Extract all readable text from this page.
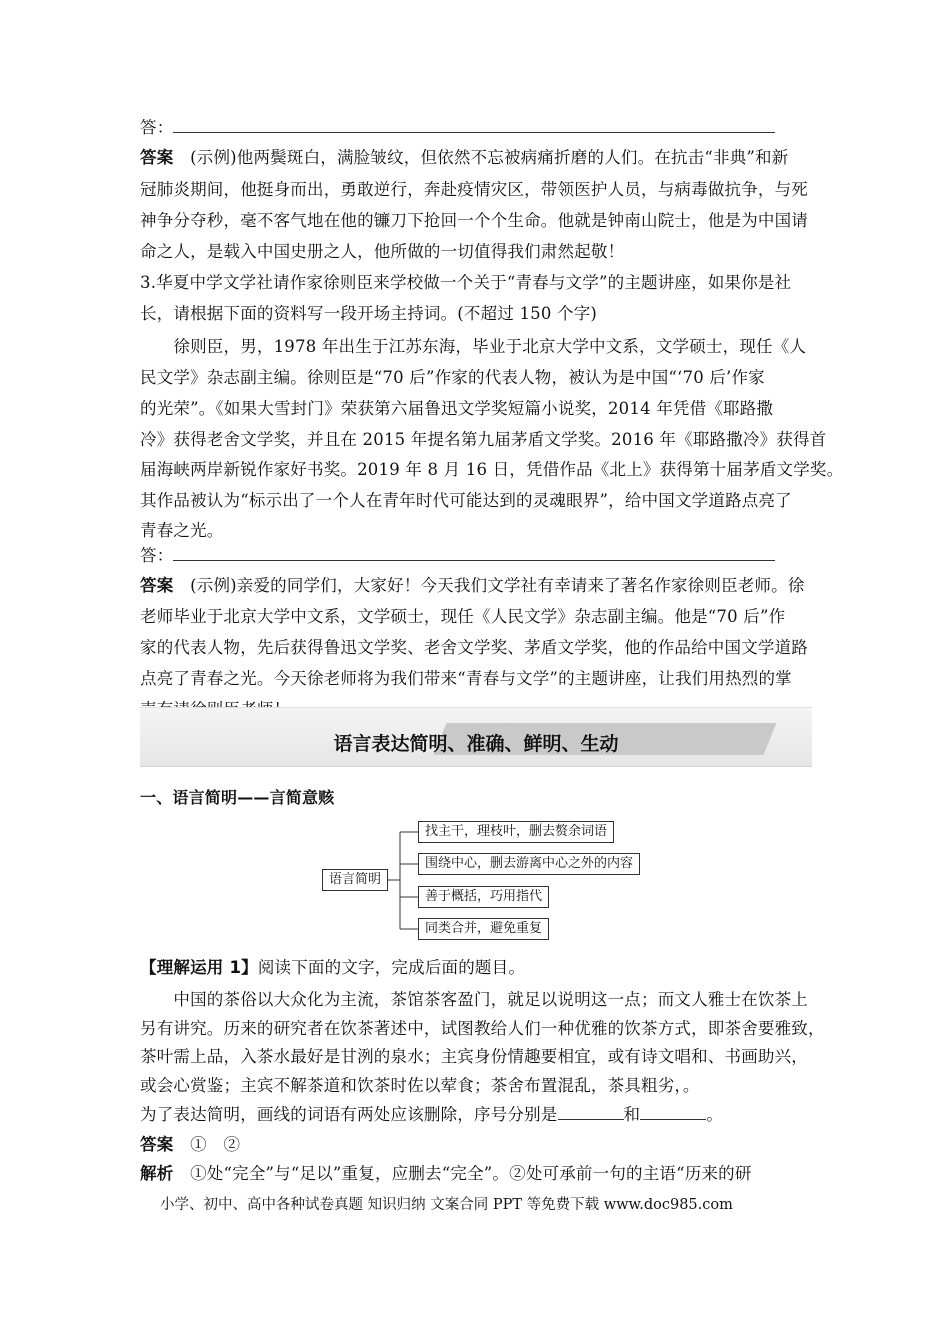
答：
答案　 (示例)他两鬓斑白，满脸皱纹，但依然不忘被病痛折磨的人们。在抗击“非典”和新
冠肺炎期间，他挺身而出，勇敢逆行，奔赴疫情灾区，带领医护人员，与病毒做抗争，与死
神争分夺秒，毫不客气地在他的镰刀下抢回一个个生命。他就是钟南山院士，他是为中国请
命之人，是载入中国史册之人，他所做的一切值得我们肃然起敬！
3.华夏中学文学社请作家徐则臣来学校做一个关于“青春与文学”的主题讲座，如果你是社
长，请根据下面的资料写一段开场主持词。(不超过 150 个字)
　　徐则臣，男，1978 年出生于江苏东海，毕业于北京大学中文系，文学硕士，现任《人
民文学》杂志副主编。徐则臣是“70 后”作家的代表人物，被认为是中国“‘70 后’作家
的光荣”。《如果大雪封门》荣获第六届鲁迅文学奖短篇小说奖，2014 年凭借《耶路撒
冷》获得老舍文学奖，并且在 2015 年提名第九届茅盾文学奖。2016 年《耶路撒冷》获得首
届海峡两岸新锐作家好书奖。2019 年 8 月 16 日，凭借作品《北上》获得第十届茅盾文学奖。
其作品被认为“标示出了一个人在青年时代可能达到的灵魂眼界”，给中国文学道路点亮了
青春之光。
答：
答案　 (示例)亲爱的同学们，大家好！今天我们文学社有幸请来了著名作家徐则臣老师。徐
老师毕业于北京大学中文系，文学硕士，现任《人民文学》杂志副主编。他是“70 后”作
家的代表人物，先后获得鲁迅文学奖、老舍文学奖、茅盾文学奖，他的作品给中国文学道路
点亮了青春之光。今天徐老师将为我们带来“青春与文学”的主题讲座，让我们用热烈的掌
语言表达简明、准确、鲜明、生动
一、语言简明——言简意赅
语言简明
找主干，理枝叶，删去赘余词语
围绕中心，删去游离中心之外的内容
善于概括，巧用指代
同类合并，避免重复
【理解运用 1】阅读下面的文字，完成后面的题目。
　　中国的茶俗以大众化为主流，茶馆茶客盈门，就足以说明这一点；而文人雅士在饮茶上
另有讲究。历来的研究者在饮茶著述中，试图教给人们一种优雅的饮茶方式，即茶舍要雅致，
茶叶需上品，入茶水最好是甘洌的泉水；主宾身份情趣要相宜，或有诗文唱和、书画助兴，
或会心赏鉴；主宾不解茶道和饮茶时佐以荤食；茶舍布置混乱，茶具粗劣，。
为了表达简明，画线的词语有两处应该删除，序号分别是	和	。
答案　 ①　②
解析　 ①处“完全”与“足以”重复，应删去“完全”。②处可承前一句的主语“历来的研
小学、初中、高中各种试卷真题 知识归纳 文案合同 PPT 等免费下载 www.doc985.com
